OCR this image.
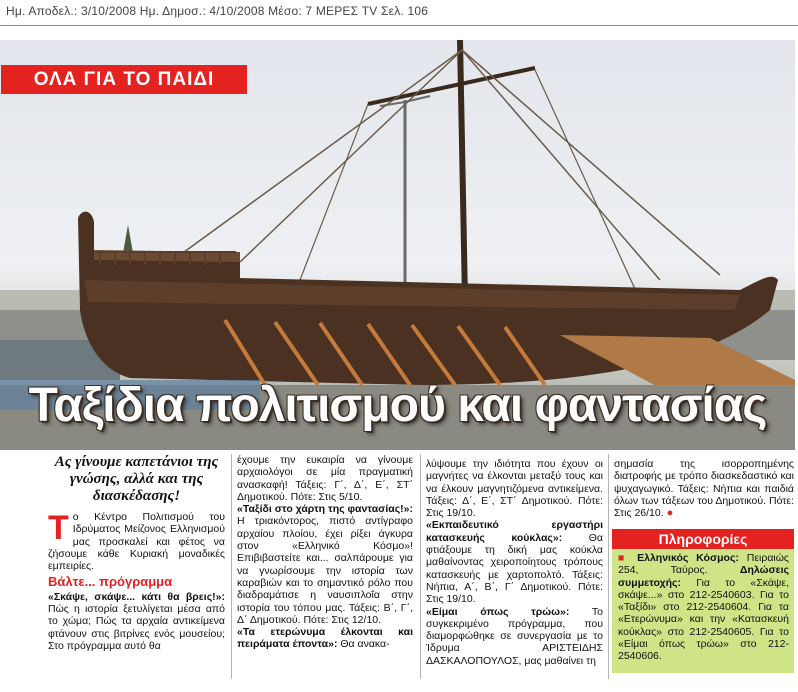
Ημ. Αποδελ.: 3/10/2008 Ημ. Δημοσ.: 4/10/2008 Μέσο: 7 ΜΕΡΕΣ TV Σελ. 106
ΟΛΑ ΓΙΑ ΤΟ ΠΑΙΔΙ
Ταξίδια πολιτισμού και φαντασίας
Ας γίνουμε καπετάνιοι της γνώσης, αλλά και της διασκέδασης!

Το Κέντρο Πολιτισμού του Ιδρύματος Μείζονος Ελληνισμού μας προσκαλεί και φέτος να ζήσουμε κάθε Κυριακή μοναδικές εμπειρίες.

Βάλτε... πρόγραμμα

«Σκάψε, σκάψε... κάτι θα βρεις!»: Πώς η ιστορία ξετυλίγεται μέσα από το χώμα; Πώς τα αρχαία αντικείμενα φτάνουν στις βιτρίνες ενός μουσείου; Στο πρόγραμμα αυτό θα

έχουμε την ευκαιρία να γίνουμε αρχαιολόγοι σε μία πραγματική ανασκαφή! Τάξεις: Γ΄, Δ΄, Ε΄, ΣΤ΄ Δημοτικού. Πότε: Στις 5/10.

«Ταξίδι στο χάρτη της φαντασίας!»: Η τριακόντορος, πιστό αντίγραφο αρχαίου πλοίου, έχει ρίξει άγκυρα στον «Ελληνικό Κόσμο»! Επιβιβαστείτε και... σαλπάρουμε για να γνωρίσουμε την ιστορία των καραβιών και το σημαντικό ρόλο που διαδραμάτισε η ναυσιπλοΐα στην ιστορία του τόπου μας. Τάξεις: Β΄, Γ΄, Δ΄ Δημοτικού. Πότε: Στις 12/10.

«Τα ετερώνυμα έλκονται και πειράματα έποντα»: Θα ανακα-

λύψουμε την ιδιότητα που έχουν οι μαγνήτες να έλκονται μεταξύ τους και να έλκουν μαγνητιζόμενα αντικείμενα. Τάξεις: Δ΄, Ε΄, ΣΤ΄ Δημοτικού. Πότε: Στις 19/10.

«Εκπαιδευτικό εργαστήρι κατασκευής κούκλας»:	Θα φτιάξουμε τη δική μας κούκλα μαθαίνοντας χειροποίητους τρόπους κατασκευής με χαρτοπολτό. Τάξεις: Νήπια, Α΄, Β΄, Γ΄ Δημοτικού. Πότε: Στις 19/10.

«Είμαι όπως τρώω»: Το συγκεκριμένο πρόγραμμα, που διαμορφώθηκε σε συνεργασία με το Ίδρυμα ΑΡΙΣΤΕΙΔΗΣ ΔΑΣΚΑΛΟΠΟΥΛΟΣ, μας μαθαίνει τη

σημασία της ισορροπημένης διατροφής με τρόπο διασκεδαστικό και ψυχαγωγικό. Τάξεις: Νήπια και παιδιά όλων των τάξεων του Δημοτικού. Πότε: Στις 26/10. ●

Πληροφορίες
■ Ελληνικός Κόσμος: Πειραιώς 254, Ταύρος.	Δηλώσεις συμμετοχής: Για το «Σκάψε, σκάψε...» στο 212-2540603. Για το «Ταξίδι» στο 212-2540604. Για τα «Ετερώνυμα» και την «Κατασκευή κούκλας» στο 212-2540605. Για το «Είμαι όπως τρώω» στο 212-2540606.
